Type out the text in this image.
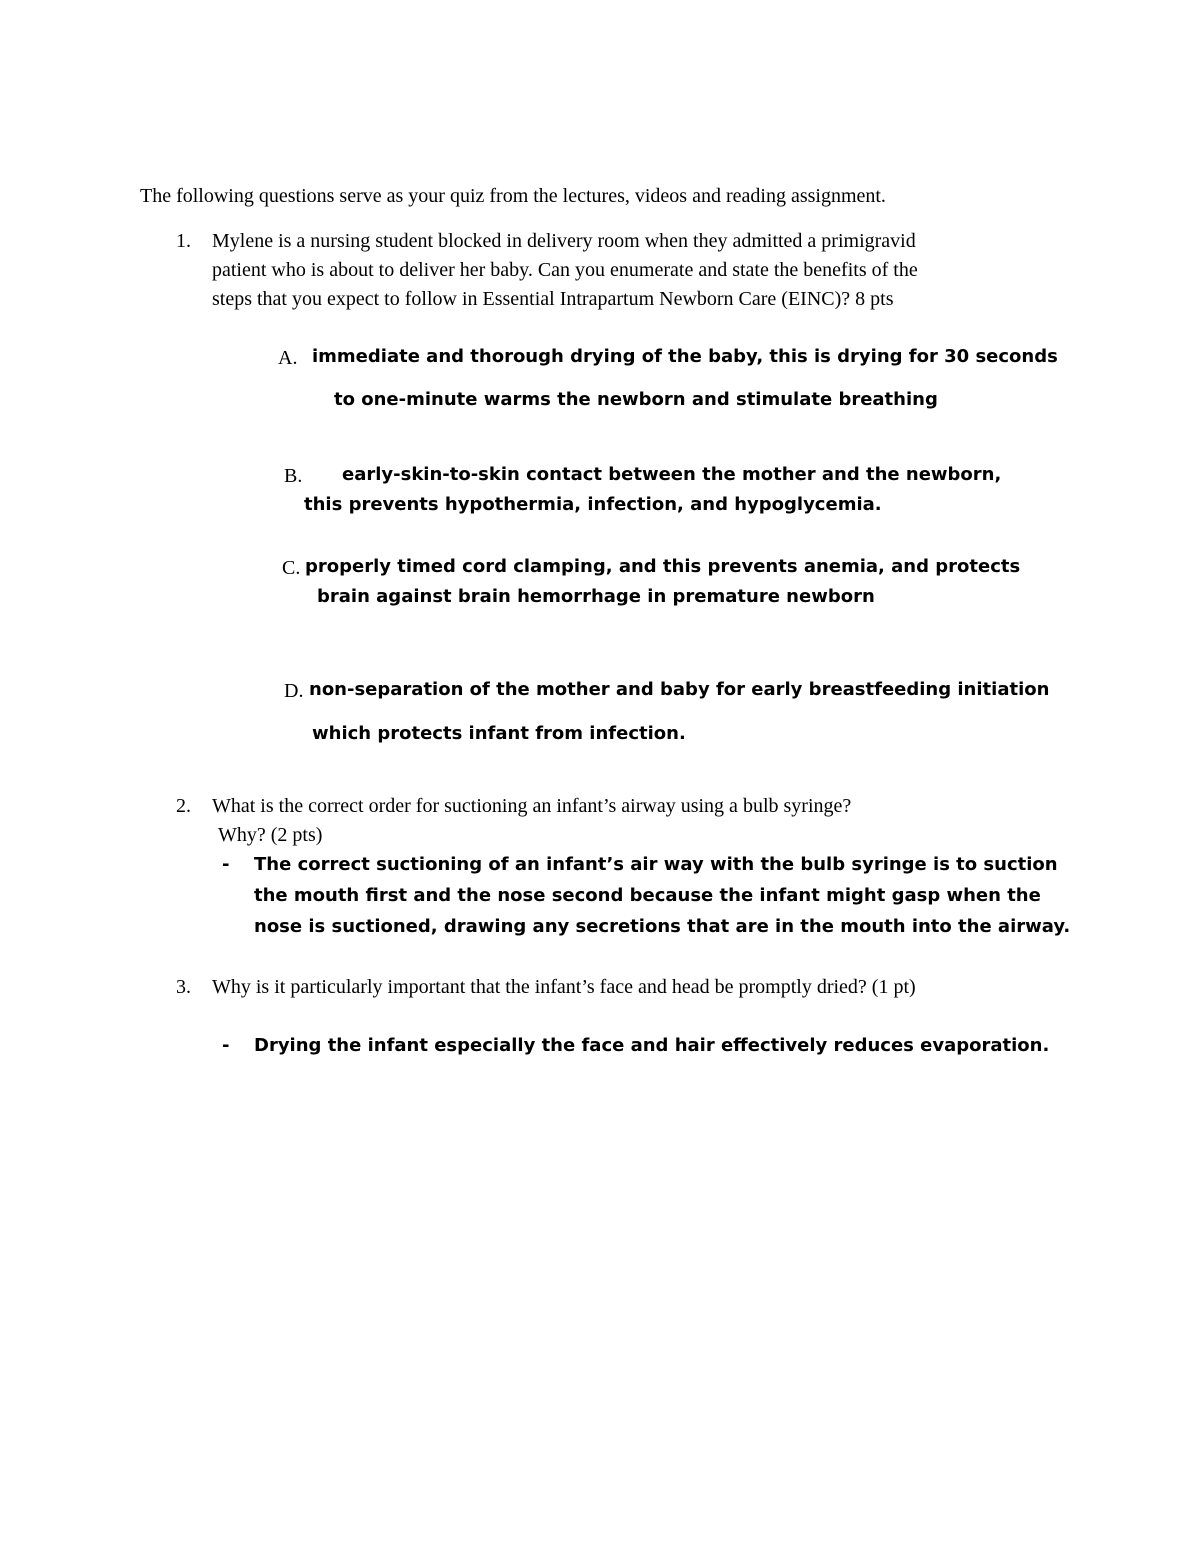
The following questions serve as your quiz from the lectures, videos and reading assignment.
1. Mylene is a nursing student blocked in delivery room when they admitted a primigravid
patient who is about to deliver her baby. Can you enumerate and state the benefits of the
steps that you expect to follow in Essential Intrapartum Newborn Care (EINC)? 8 pts
A. immediate and thorough drying of the baby, this is drying for 30 seconds
to one-minute warms the newborn and stimulate breathing
B. early-skin-to-skin contact between the mother and the newborn,
this prevents hypothermia, infection, and hypoglycemia.
C. properly timed cord clamping, and this prevents anemia, and protects
brain against brain hemorrhage in premature newborn
D. non-separation of the mother and baby for early breastfeeding initiation
which protects infant from infection.
2. What is the correct order for suctioning an infant’s airway using a bulb syringe?
Why? (2 pts)
- The correct suctioning of an infant’s air way with the bulb syringe is to suction
the mouth first and the nose second because the infant might gasp when the
nose is suctioned, drawing any secretions that are in the mouth into the airway.
3. Why is it particularly important that the infant’s face and head be promptly dried? (1 pt)
- Drying the infant especially the face and hair effectively reduces evaporation.
